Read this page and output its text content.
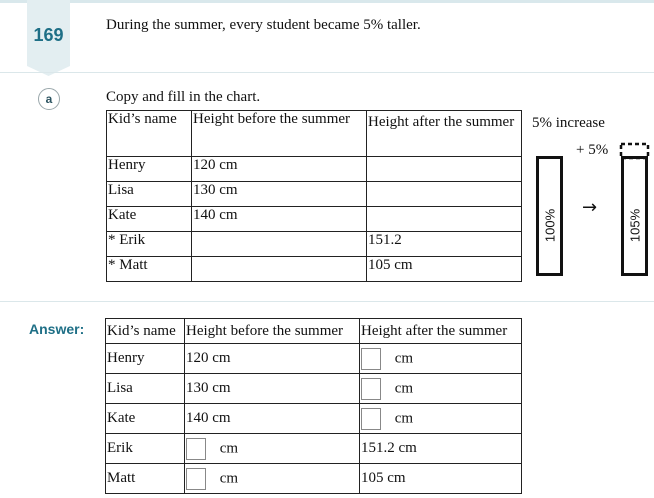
169	During the summer, every student became 5% taller.
a	Copy and fill in the chart.
Kid’s name	Height before the summer	Height after the summer
Henry	120 cm	
Lisa	130 cm	
Kate	140 cm	
* Erik		151.2
* Matt		105 cm
5% increase
+ 5%
100%
→
105%
Answer: Kid’s name	Height before the summer	Height after the summer
Henry	120 cm	cm
Lisa	130 cm	cm
Kate	140 cm	cm
Erik	cm	151.2 cm
Matt	cm	105 cm
